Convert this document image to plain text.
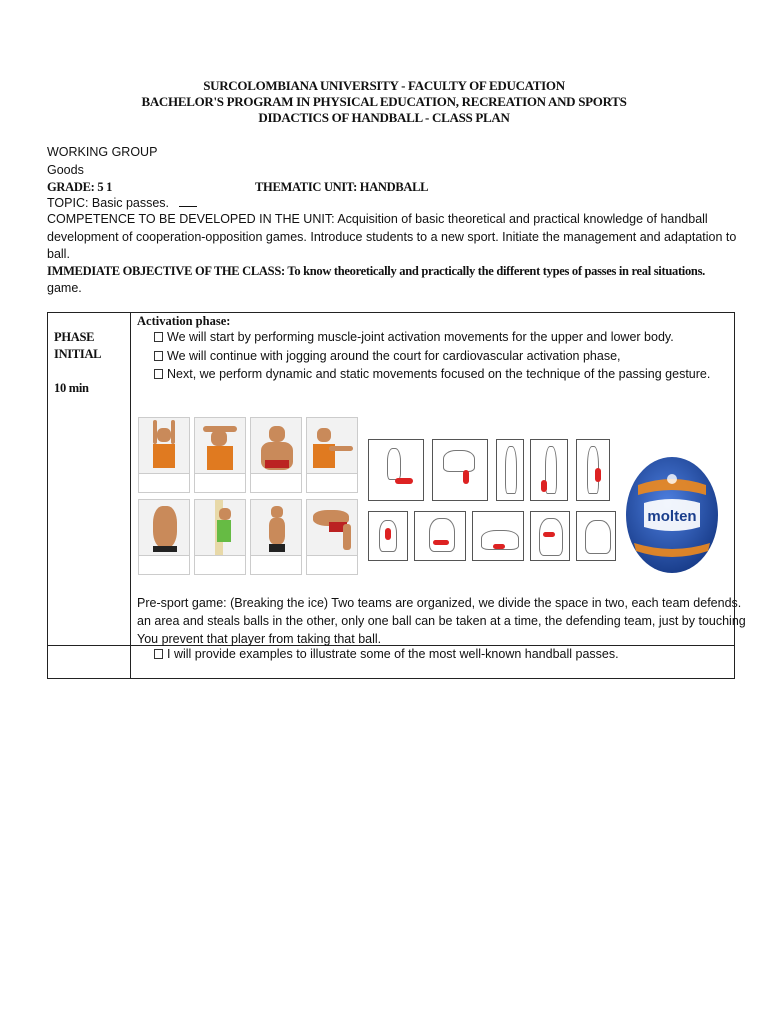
SURCOLOMBIANA UNIVERSITY - FACULTY OF EDUCATION
BACHELOR'S PROGRAM IN PHYSICAL EDUCATION, RECREATION AND SPORTS
DIDACTICS OF HANDBALL - CLASS PLAN
WORKING GROUP
Goods
GRADE: 5 1	THEMATIC UNIT: HANDBALL
TOPIC: Basic passes.
COMPETENCE TO BE DEVELOPED IN THE UNIT: Acquisition of basic theoretical and practical knowledge of handball
development of cooperation-opposition games. Introduce students to a new sport. Initiate the management and adaptation to
ball.
IMMEDIATE OBJECTIVE OF THE CLASS: To know theoretically and practically the different types of passes in real situations.
game.
PHASE
INITIAL
10 min
Activation phase:
We will start by performing muscle-joint activation movements for the upper and lower body.
We will continue with jogging around the court for cardiovascular activation phase,
Next, we perform dynamic and static movements focused on the technique of the passing gesture.
Pre-sport game: (Breaking the ice) Two teams are organized, we divide the space in two, each team defends.
an area and steals balls in the other, only one ball can be taken at a time, the defending team, just by touching
You prevent that player from taking that ball.
I will provide examples to illustrate some of the most well-known handball passes.
molten
